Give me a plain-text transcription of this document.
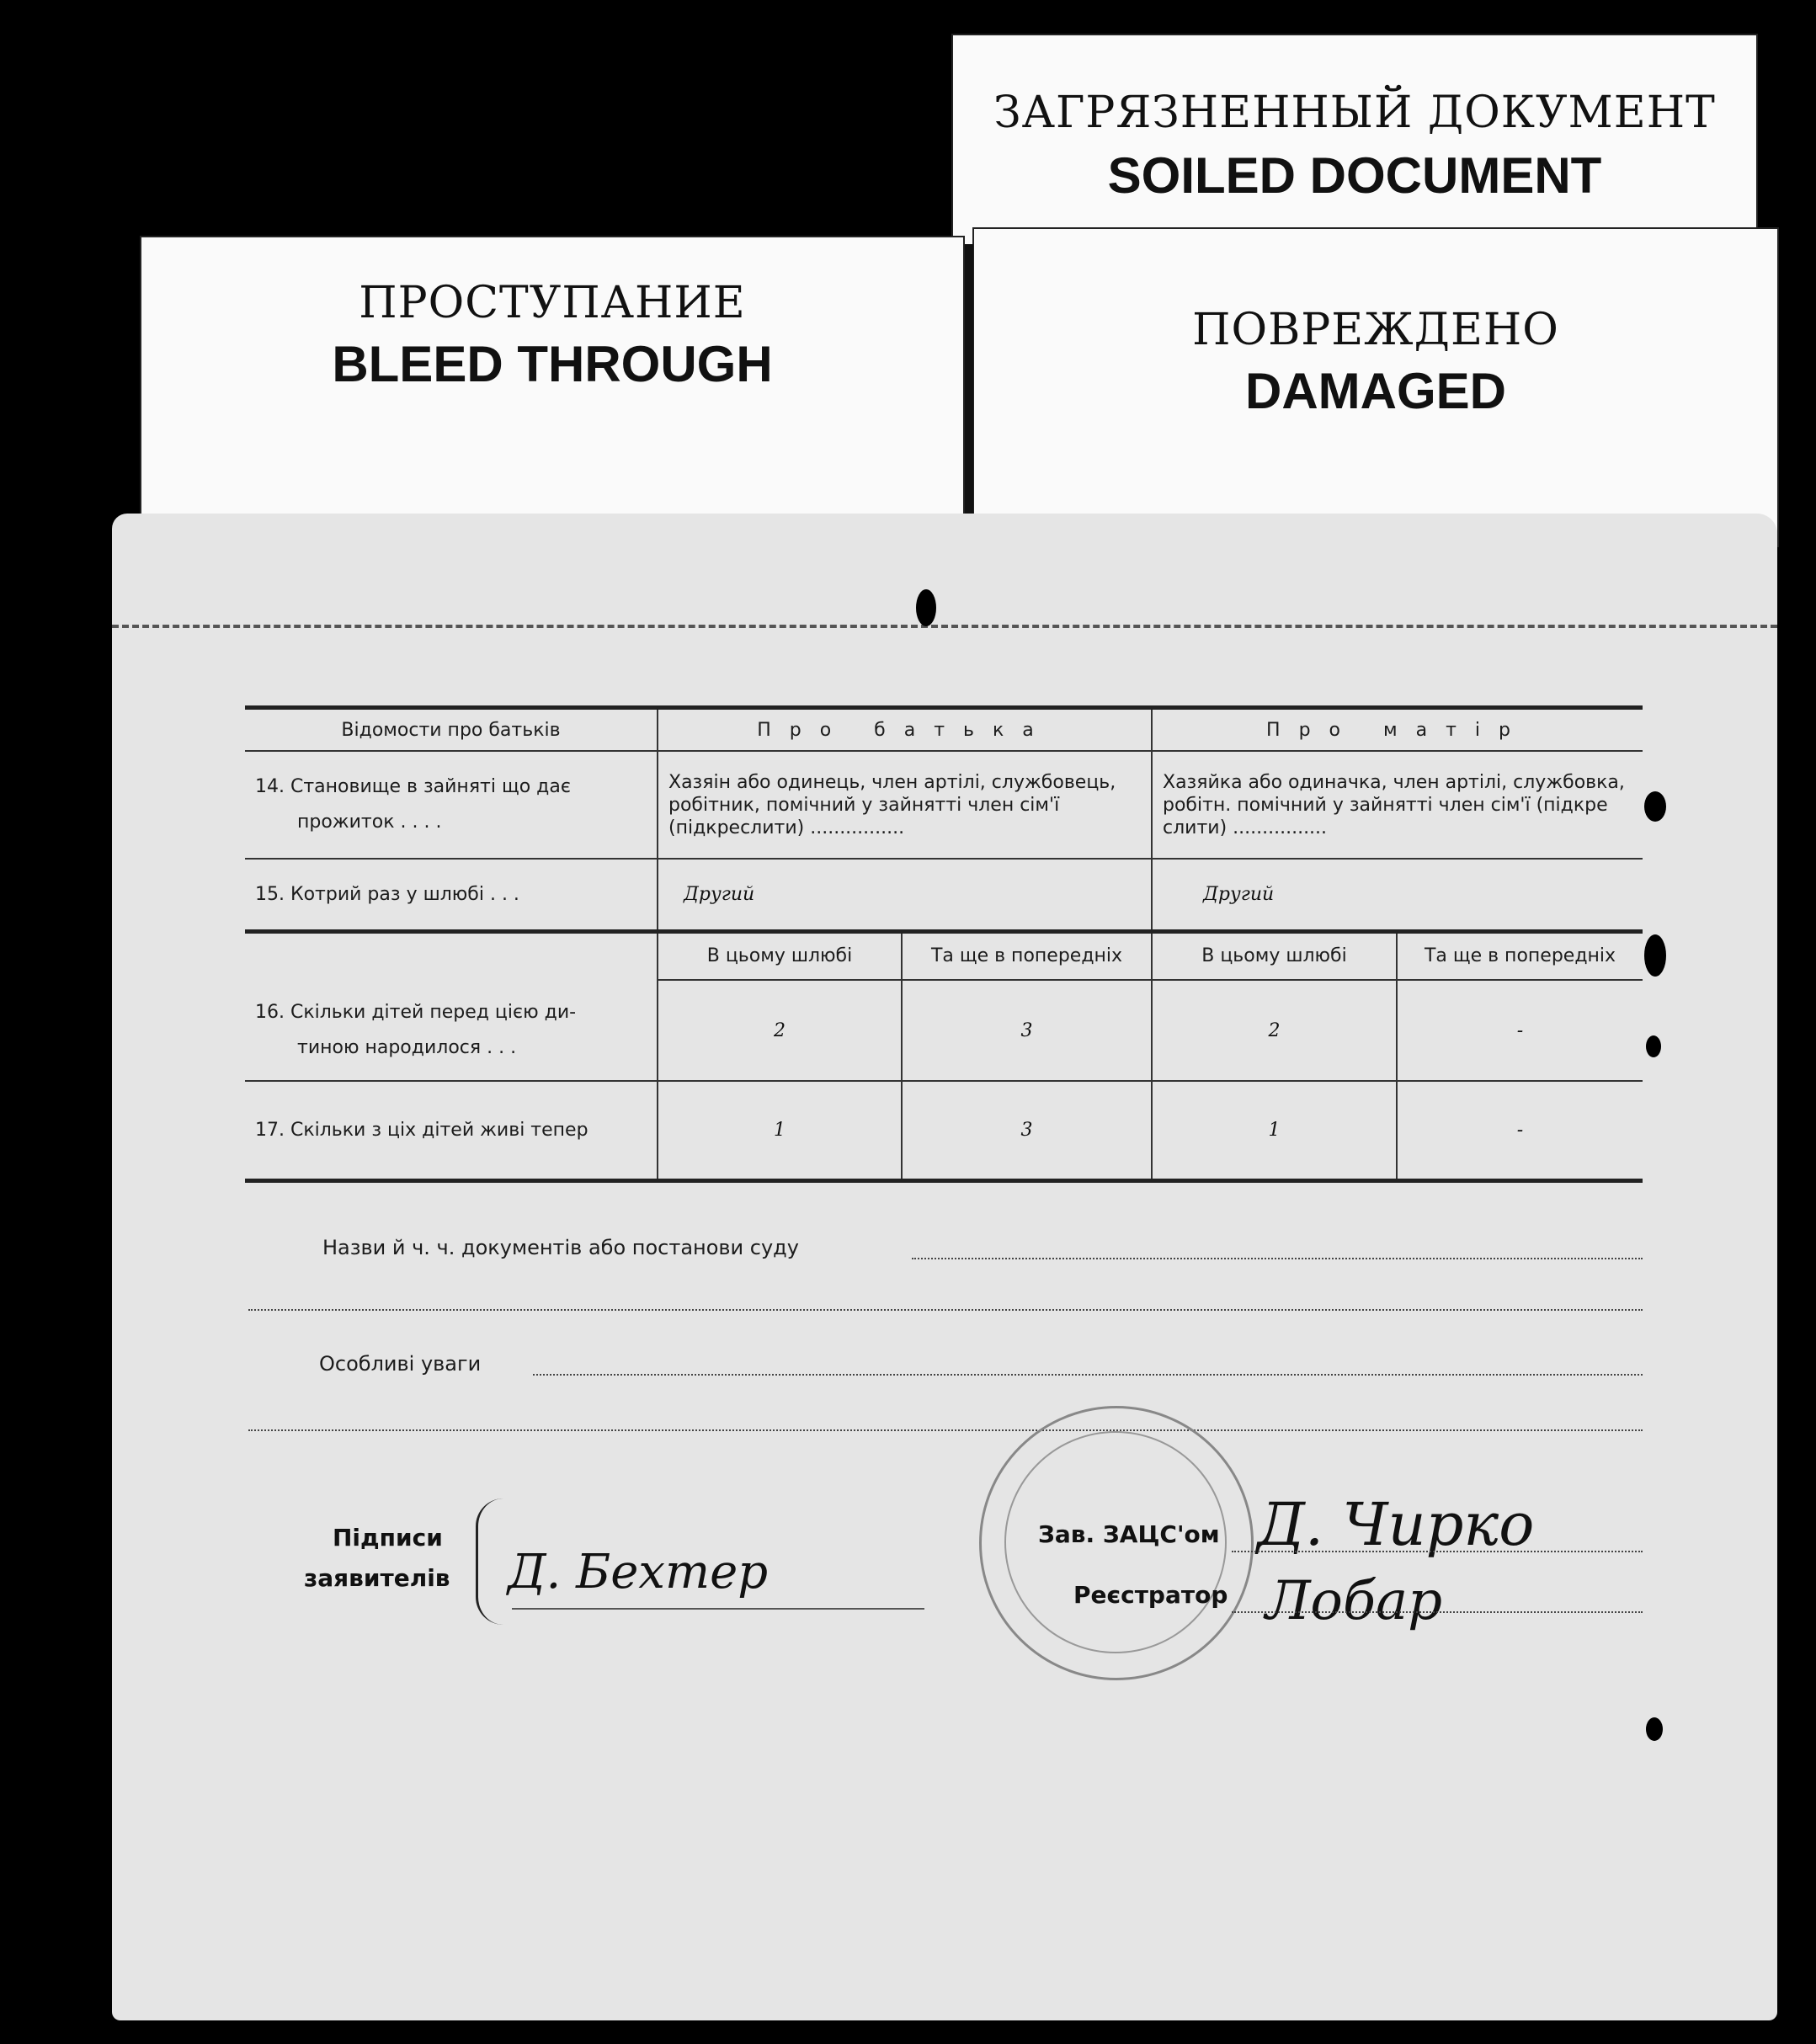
ЗАГРЯЗНЕННЫЙ ДОКУМЕНТ
SOILED DOCUMENT
ПРОСТУПАНИЕ
BLEED THROUGH
ПОВРЕЖДЕНО
DAMAGED
Відомости про батьків	Про батька		Про матір	

14. Становище в зайняті що дає
прожиток . . . .	Хазяін або одинець, член артілі, службовець, робітник, помічний у зайнятті член сім'ї (підкреслити) ................		Хазяйка або одиначка, член артілі, службовка, робітн. помічний у зайнятті член сім'ї (підкре слити) ................	
15. Котрий раз у шлюбі . . .	Другий		Другий	
	В цьому шлюбі	Та ще в попередніх	В цьому шлюбі	Та ще в попередніх

16. Скільки дітей перед цією ди-
тиною народилося . . .	2	3	2	-
17. Скільки з ціх дітей живі тепер	1	3	1	-
Назви й ч. ч. документів або постанови суду
Особливі уваги
Підписи
заявителів Д. Бехтер
Зав. ЗАЦС'ом Д. Чирко
Реєстратор Лобар
